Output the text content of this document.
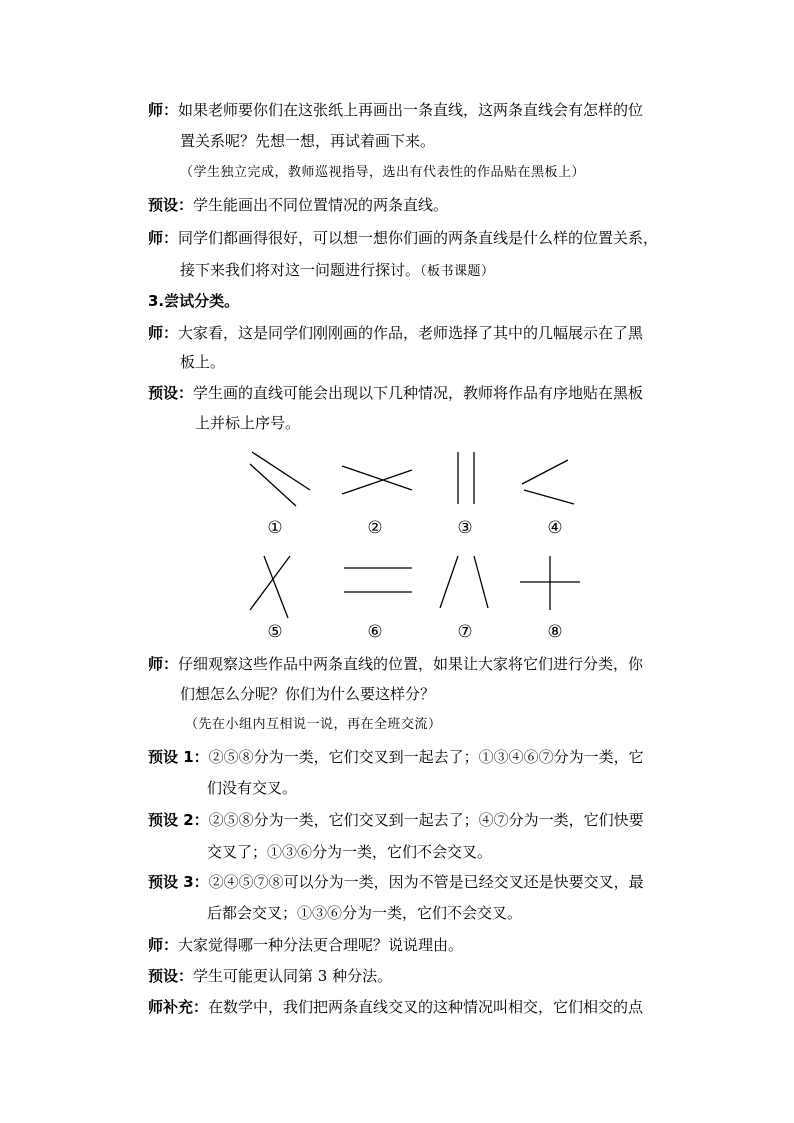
师：如果老师要你们在这张纸上再画出一条直线，这两条直线会有怎样的位
置关系呢？先想一想，再试着画下来。
（学生独立完成，教师巡视指导，选出有代表性的作品贴在黑板上）
预设：学生能画出不同位置情况的两条直线。
师：同学们都画得很好，可以想一想你们画的两条直线是什么样的位置关系，
接下来我们将对这一问题进行探讨。（板书课题）
3.尝试分类。
师：大家看，这是同学们刚刚画的作品，老师选择了其中的几幅展示在了黑
板上。
预设：学生画的直线可能会出现以下几种情况，教师将作品有序地贴在黑板
上并标上序号。
①	②	③	④
⑤	⑥	⑦	⑧
师：仔细观察这些作品中两条直线的位置，如果让大家将它们进行分类，你
们想怎么分呢？你们为什么要这样分？
（先在小组内互相说一说，再在全班交流）
预设 1：②⑤⑧分为一类，它们交叉到一起去了；①③④⑥⑦分为一类，它
们没有交叉。
预设 2：②⑤⑧分为一类，它们交叉到一起去了；④⑦分为一类，它们快要
交叉了；①③⑥分为一类，它们不会交叉。
预设 3：②④⑤⑦⑧可以分为一类，因为不管是已经交叉还是快要交叉，最
后都会交叉；①③⑥分为一类，它们不会交叉。
师：大家觉得哪一种分法更合理呢？说说理由。
预设：学生可能更认同第 3 种分法。
师补充：在数学中，我们把两条直线交叉的这种情况叫相交，它们相交的点
